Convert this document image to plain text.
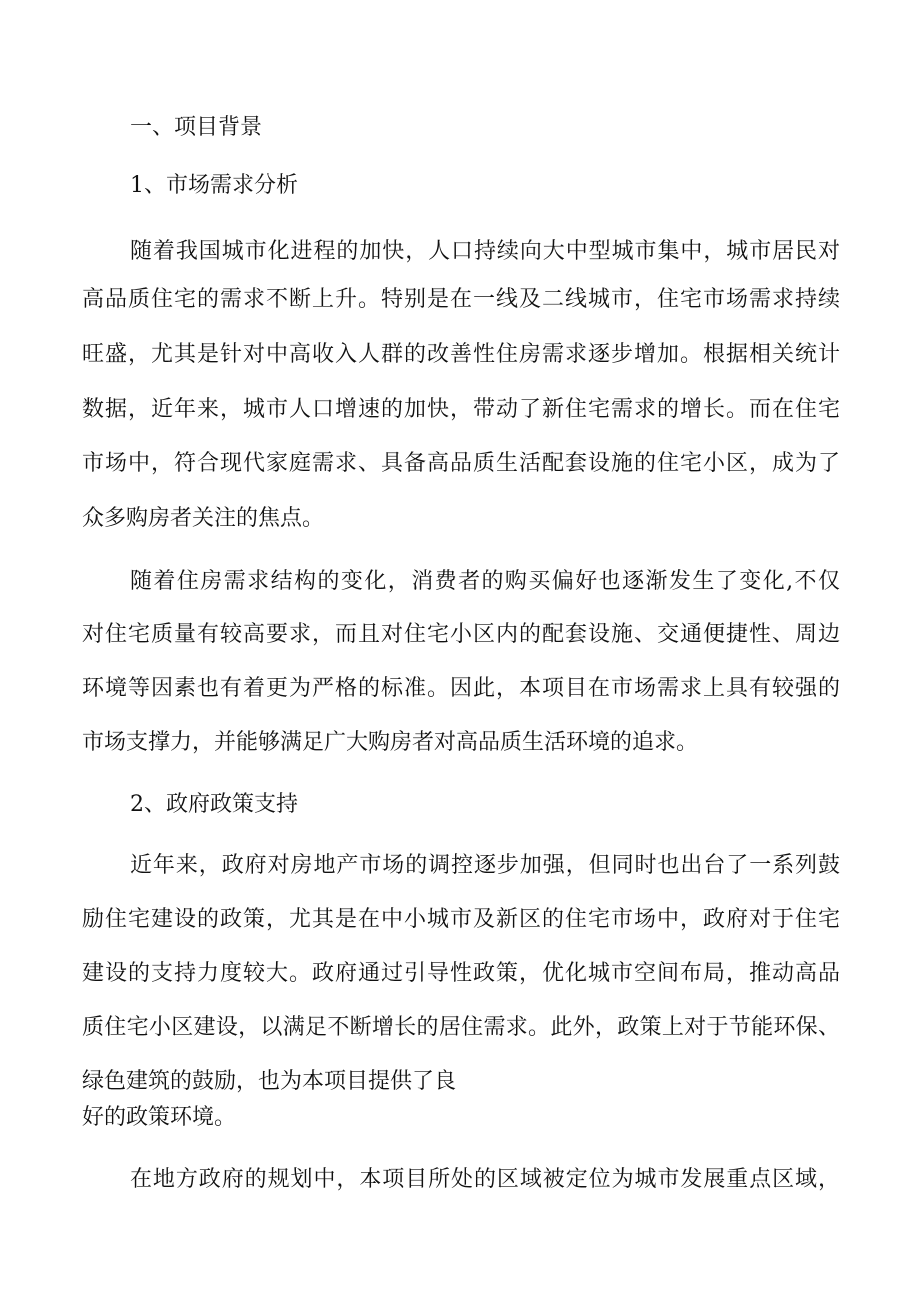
一、项目背景
1、市场需求分析
随着我国城市化进程的加快，人口持续向大中型城市集中，城市居民对
高品质住宅的需求不断上升。特别是在一线及二线城市，住宅市场需求持续
旺盛，尤其是针对中高收入人群的改善性住房需求逐步增加。根据相关统计
数据，近年来，城市人口增速的加快，带动了新住宅需求的增长。而在住宅
市场中，符合现代家庭需求、具备高品质生活配套设施的住宅小区，成为了
众多购房者关注的焦点。
随着住房需求结构的变化，消费者的购买偏好也逐渐发生了变化,不仅
对住宅质量有较高要求，而且对住宅小区内的配套设施、交通便捷性、周边
环境等因素也有着更为严格的标准。因此，本项目在市场需求上具有较强的
市场支撑力，并能够满足广大购房者对高品质生活环境的追求。
2、政府政策支持
近年来，政府对房地产市场的调控逐步加强，但同时也出台了一系列鼓
励住宅建设的政策，尤其是在中小城市及新区的住宅市场中，政府对于住宅
建设的支持力度较大。政府通过引导性政策，优化城市空间布局，推动高品
质住宅小区建设，以满足不断增长的居住需求。此外，政策上对于节能环保、
绿色建筑的鼓励，也为本项目提供了良
好的政策环境。
在地方政府的规划中，本项目所处的区域被定位为城市发展重点区域，
